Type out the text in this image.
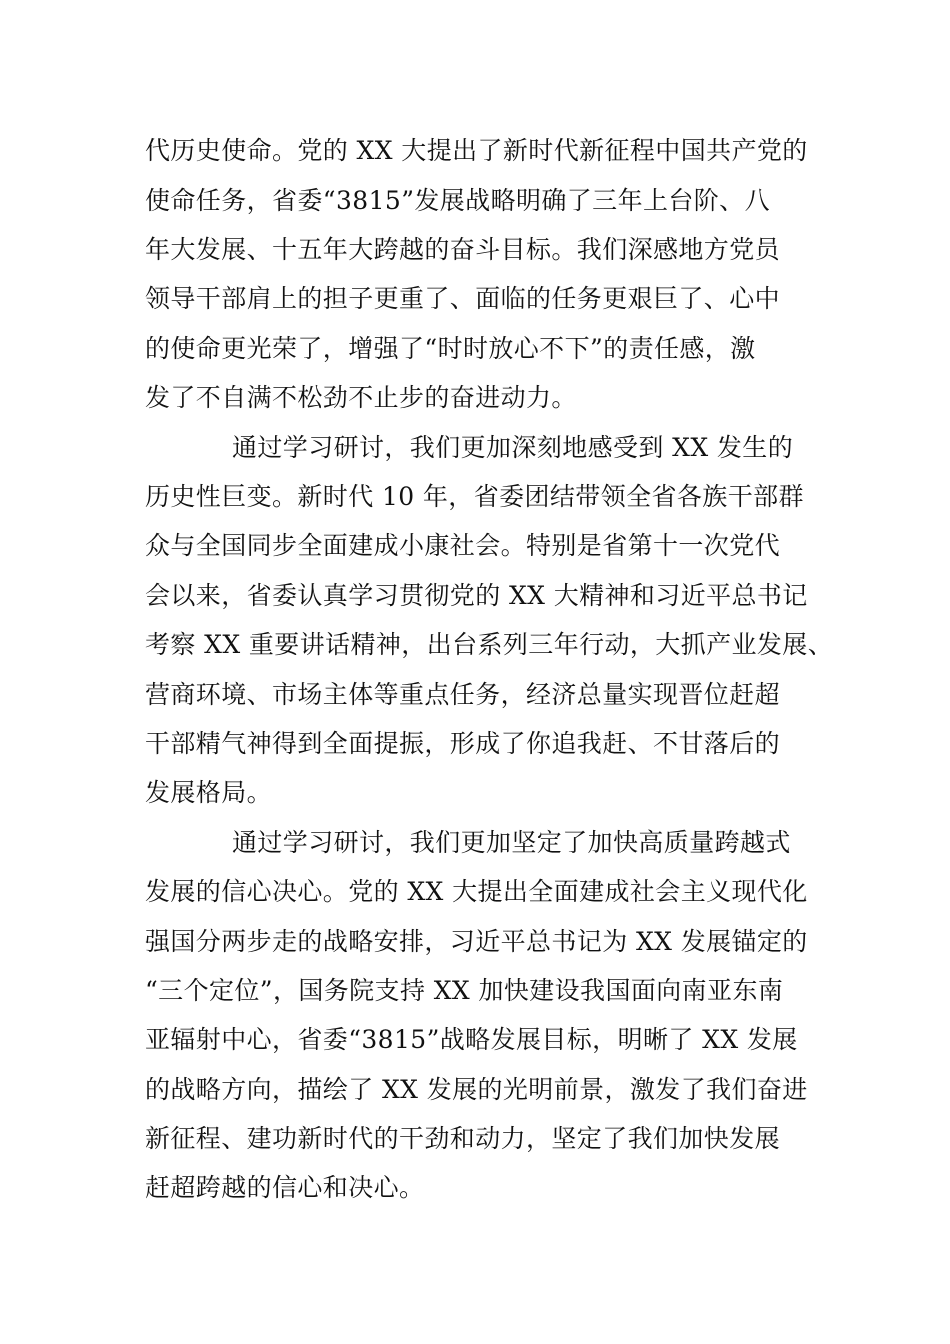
代历史使命。党的 XX 大提出了新时代新征程中国共产党的
使命任务，省委“3815”发展战略明确了三年上台阶、八
年大发展、十五年大跨越的奋斗目标。我们深感地方党员
领导干部肩上的担子更重了、面临的任务更艰巨了、心中
的使命更光荣了，增强了“时时放心不下”的责任感，激
发了不自满不松劲不止步的奋进动力。
通过学习研讨，我们更加深刻地感受到 XX 发生的
历史性巨变。新时代 10 年，省委团结带领全省各族干部群
众与全国同步全面建成小康社会。特别是省第十一次党代
会以来，省委认真学习贯彻党的 XX 大精神和习近平总书记
考察 XX 重要讲话精神，出台系列三年行动，大抓产业发展、
营商环境、市场主体等重点任务，经济总量实现晋位赶超
干部精气神得到全面提振，形成了你追我赶、不甘落后的
发展格局。
通过学习研讨，我们更加坚定了加快高质量跨越式
发展的信心决心。党的 XX 大提出全面建成社会主义现代化
强国分两步走的战略安排，习近平总书记为 XX 发展锚定的
“三个定位”，国务院支持 XX 加快建设我国面向南亚东南
亚辐射中心，省委“3815”战略发展目标，明晰了 XX 发展
的战略方向，描绘了 XX 发展的光明前景，激发了我们奋进
新征程、建功新时代的干劲和动力，坚定了我们加快发展
赶超跨越的信心和决心。
